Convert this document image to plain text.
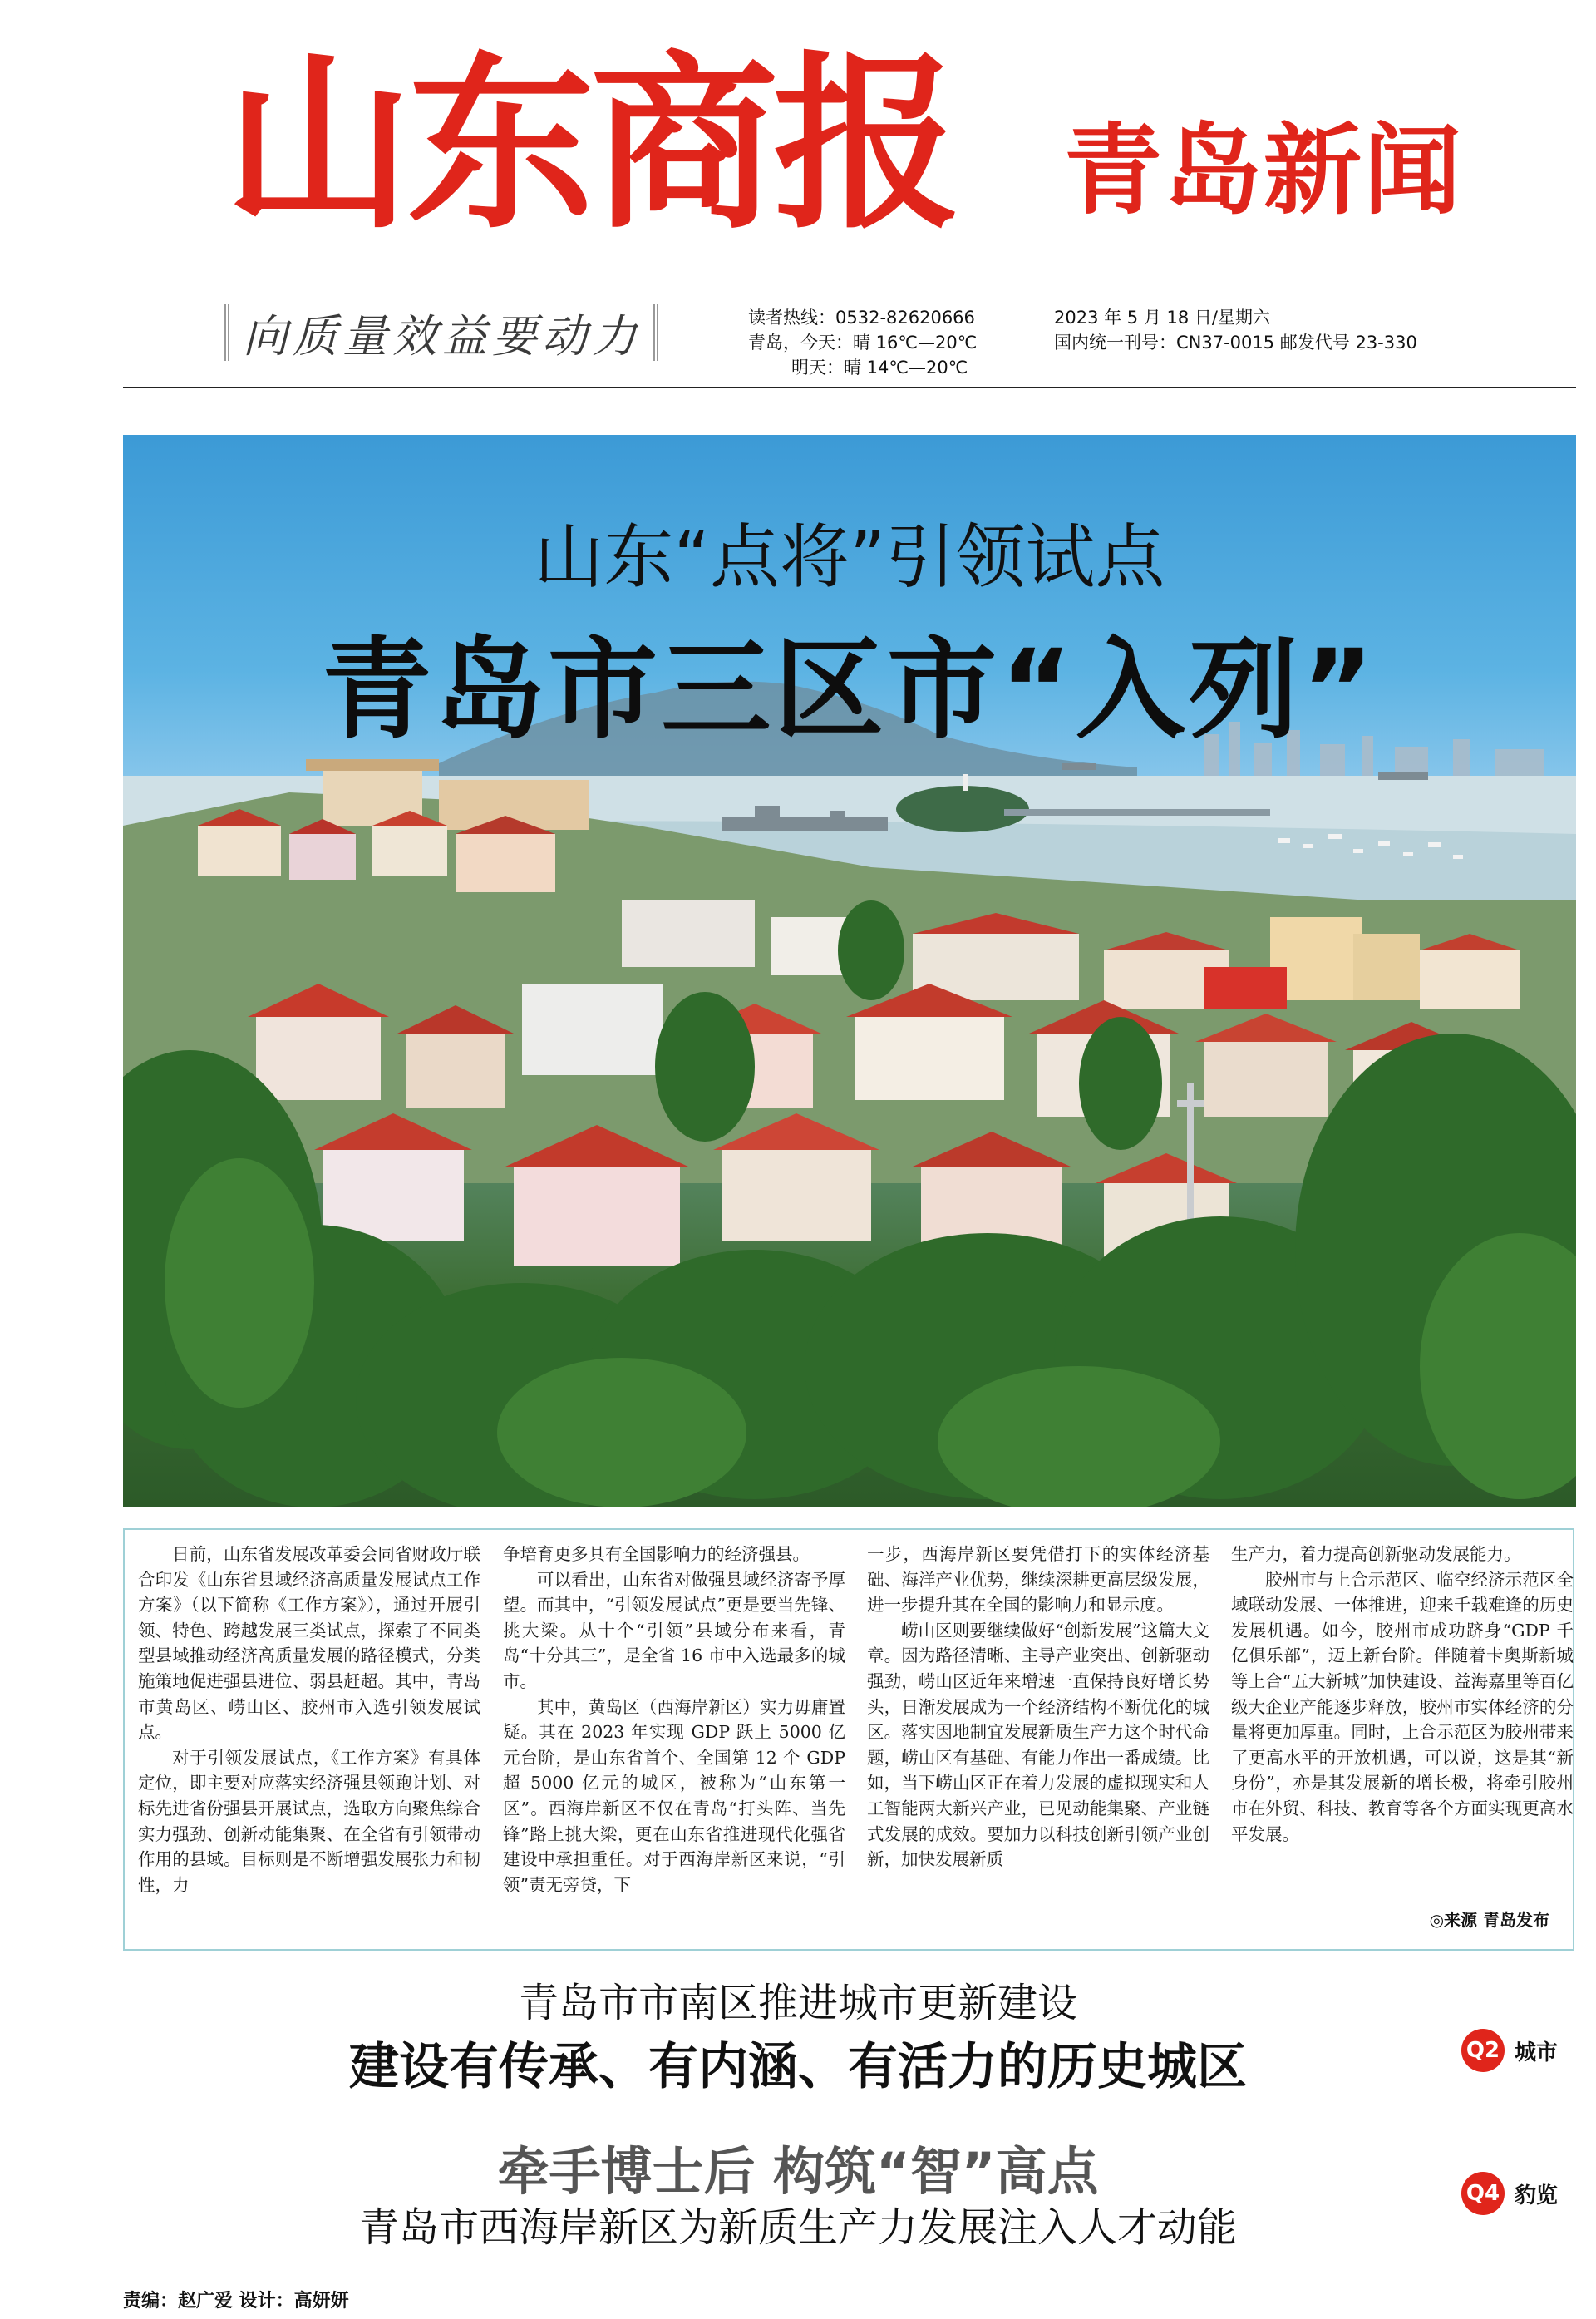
山东商报 青岛新闻
向质量效益要动力	读者热线：0532-82620666
青岛，今天：晴 16℃—20℃
明天：晴 14℃—20℃
2023 年 5 月 18 日/星期六
国内统一刊号：CN37-0015 邮发代号 23-330
山东“点将”引领试点
青岛市三区市“入列”

日前，山东省发展改革委会同省财政厅联合印发《山东省县域经济高质量发展试点工作方案》（以下简称《工作方案》），通过开展引领、特色、跨越发展三类试点，探索了不同类型县域推动经济高质量发展的路径模式，分类施策地促进强县进位、弱县赶超。其中，青岛市黄岛区、崂山区、胶州市入选引领发展试点。

对于引领发展试点，《工作方案》有具体定位，即主要对应落实经济强县领跑计划、对标先进省份强县开展试点，选取方向聚焦综合实力强劲、创新动能集聚、在全省有引领带动作用的县域。目标则是不断增强发展张力和韧性，力

争培育更多具有全国影响力的经济强县。

可以看出，山东省对做强县域经济寄予厚望。而其中，“引领发展试点”更是要当先锋、挑大梁。从十个“引领”县域分布来看，青岛“十分其三”，是全省 16 市中入选最多的城市。

其中，黄岛区（西海岸新区）实力毋庸置疑。其在 2023 年实现 GDP 跃上 5000 亿元台阶，是山东省首个、全国第 12 个 GDP 超 5000 亿元的城区，被称为“山东第一区”。西海岸新区不仅在青岛“打头阵、当先锋”路上挑大梁，更在山东省推进现代化强省建设中承担重任。对于西海岸新区来说，“引领”责无旁贷，下

一步，西海岸新区要凭借打下的实体经济基础、海洋产业优势，继续深耕更高层级发展，进一步提升其在全国的影响力和显示度。

崂山区则要继续做好“创新发展”这篇大文章。因为路径清晰、主导产业突出、创新驱动强劲，崂山区近年来增速一直保持良好增长势头，日渐发展成为一个经济结构不断优化的城区。落实因地制宜发展新质生产力这个时代命题，崂山区有基础、有能力作出一番成绩。比如，当下崂山区正在着力发展的虚拟现实和人工智能两大新兴产业，已见动能集聚、产业链式发展的成效。要加力以科技创新引领产业创新，加快发展新质

生产力，着力提高创新驱动发展能力。

胶州市与上合示范区、临空经济示范区全域联动发展、一体推进，迎来千载难逢的历史发展机遇。如今，胶州市成功跻身“GDP 千亿俱乐部”，迈上新台阶。伴随着卡奥斯新城等上合“五大新城”加快建设、益海嘉里等百亿级大企业产能逐步释放，胶州市实体经济的分量将更加厚重。同时，上合示范区为胶州带来了更高水平的开放机遇，可以说，这是其“新身份”，亦是其发展新的增长极，将牵引胶州市在外贸、科技、教育等各个方面实现更高水平发展。

◎来源 青岛发布
青岛市市南区推进城市更新建设
建设有传承、有内涵、有活力的历史城区
牵手博士后 构筑“智”高点
青岛市西海岸新区为新质生产力发展注入人才动能
Q2 城市
Q4 豹览
责编：赵广爱 设计：高妍妍
